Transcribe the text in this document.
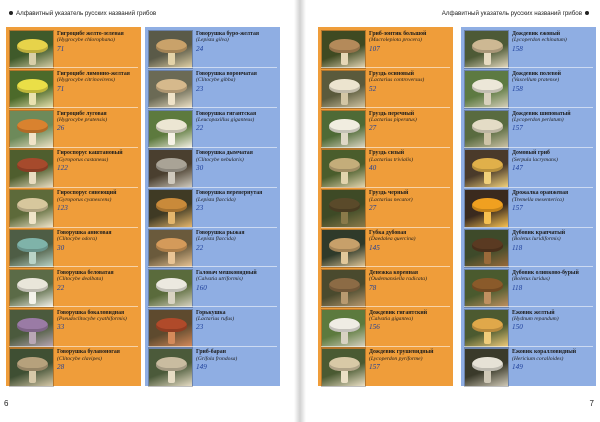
Алфавитный указатель русских названий грибов
Гигроцибе желто-зеленая
(Hygrocybe chlorophana)
71
Гигроцибе лимонно-желтая
(Hygrocybe citrinovirens)
71
Гигроцибе луговая
(Hygrocybe pratensis)
26
Гироспорус каштановый
(Gyroporus castaneus)
122
Гироспорус синеющий
(Gyroporus cyanescens)
123
Говорушка анисовая
(Clitocybe odora)
30
Говорушка беловатая
(Clitocybe dealbata)
22
Говорушка бокаловидная
(Pseudoclitocybe cyathiformis)
33
Говорушка булавоногая
(Clitocybe clavipes)
28
Говорушка буро-желтая
(Lepista gilva)
24
Говорушка ворончатая
(Clitocybe gibba)
23
Говорушка гигантская
(Leucopaxillus giganteus)
22
Говорушка дымчатая
(Clitocybe nebularis)
30
Говорушка перевернутая
(Lepista flaccida)
23
Говорушка рыжая
(Lepista flaccida)
22
Галовач мешковидный
(Calvatia utriformis)
160
Горькушка
(Lactarius rufus)
23
Гриб-баран
(Grifola frondosa)
149
6
Алфавитный указатель русских названий грибов
Гриб-зонтик большой
(Macrolepiota procera)
107
Груздь осиновый
(Lactarius controversus)
52
Груздь перечный
(Lactarius piperatus)
27
Груздь сизый
(Lactarius trivialis)
40
Груздь черный
(Lactarius necator)
27
Губка дубовая
(Daedalea quercina)
145
Денежка коренная
(Oudemansiella radicata)
78
Дождевик гигантский
(Calvatia gigantea)
156
Дождевик грушевидный
(Lycoperdon pyriforme)
157
Дождевик ежовый
(Lycoperdon echinatum)
158
Дождевик полевой
(Vascellum pratense)
158
Дождевик шиповатый
(Lycoperdon perlatum)
157
Домовый гриб
(Serpula lacrymans)
147
Дрожалка оранжевая
(Tremella mesenterica)
157
Дубовик крапчатый
(Boletus luridiformis)
118
Дубовик оливково-бурый
(Boletus luridus)
118
Ежовик желтый
(Hydnum repandum)
150
Ежовик коралловидный
(Hericium coralloides)
149
7
